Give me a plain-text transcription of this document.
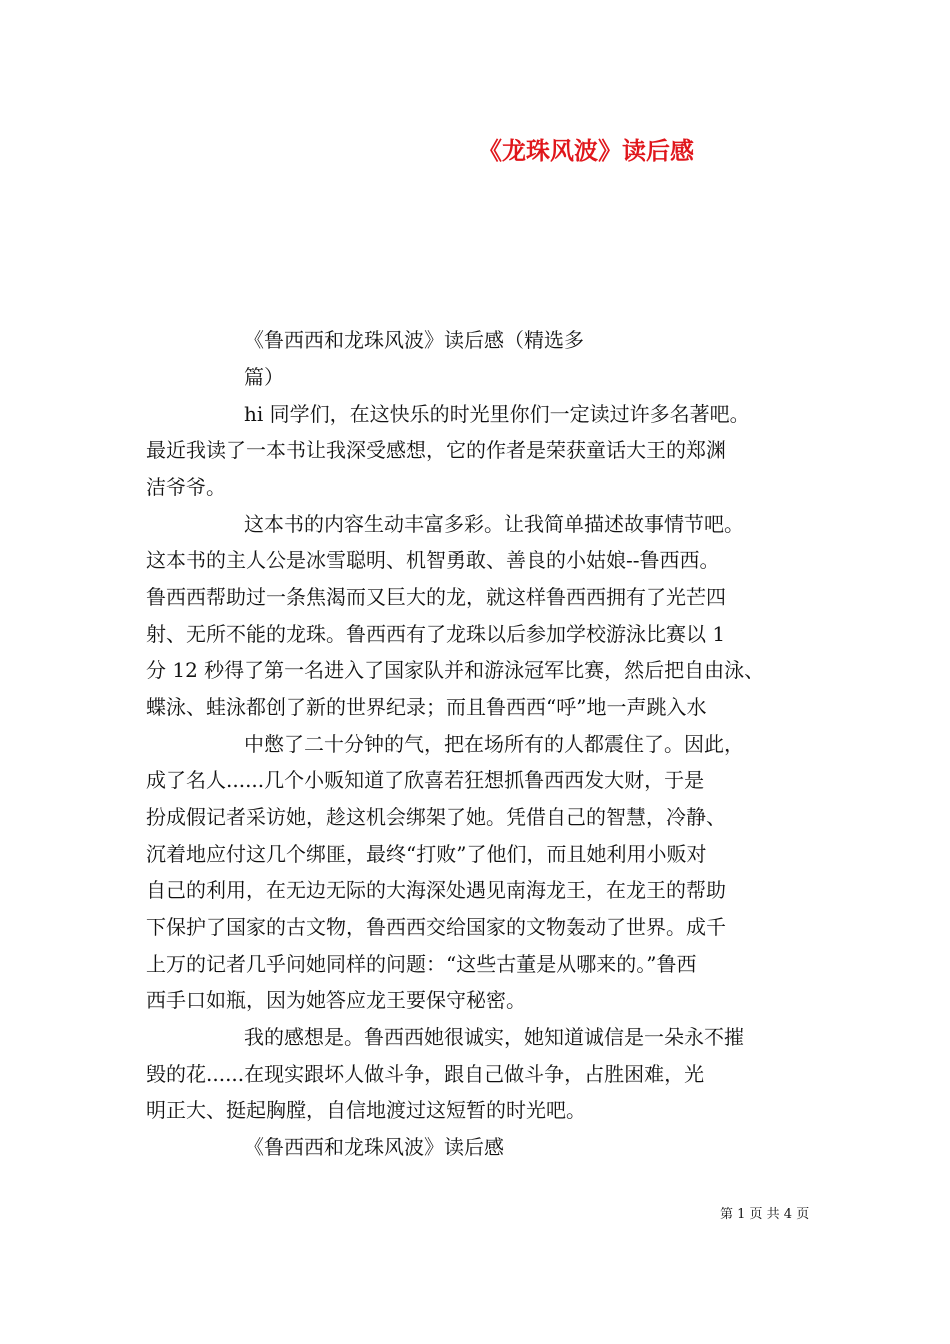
《龙珠风波》读后感
《鲁西西和龙珠风波》读后感（精选多
篇）
hi 同学们，在这快乐的时光里你们一定读过许多名著吧。
最近我读了一本书让我深受感想，它的作者是荣获童话大王的郑渊
洁爷爷。
这本书的内容生动丰富多彩。让我简单描述故事情节吧。
这本书的主人公是冰雪聪明、机智勇敢、善良的小姑娘--鲁西西。
鲁西西帮助过一条焦渴而又巨大的龙，就这样鲁西西拥有了光芒四
射、无所不能的龙珠。鲁西西有了龙珠以后参加学校游泳比赛以 1
分 12 秒得了第一名进入了国家队并和游泳冠军比赛，然后把自由泳、
蝶泳、蛙泳都创了新的世界纪录；而且鲁西西“呼”地一声跳入水
中憋了二十分钟的气，把在场所有的人都震住了。因此，
成了名人......几个小贩知道了欣喜若狂想抓鲁西西发大财，于是
扮成假记者采访她，趁这机会绑架了她。凭借自己的智慧，冷静、
沉着地应付这几个绑匪，最终“打败”了他们，而且她利用小贩对
自己的利用，在无边无际的大海深处遇见南海龙王，在龙王的帮助
下保护了国家的古文物，鲁西西交给国家的文物轰动了世界。成千
上万的记者几乎问她同样的问题：“这些古董是从哪来的。”鲁西
西手口如瓶，因为她答应龙王要保守秘密。
我的感想是。鲁西西她很诚实，她知道诚信是一朵永不摧
毁的花......在现实跟坏人做斗争，跟自己做斗争，占胜困难，光
明正大、挺起胸膛，自信地渡过这短暂的时光吧。
《鲁西西和龙珠风波》读后感
第 1 页 共 4 页
